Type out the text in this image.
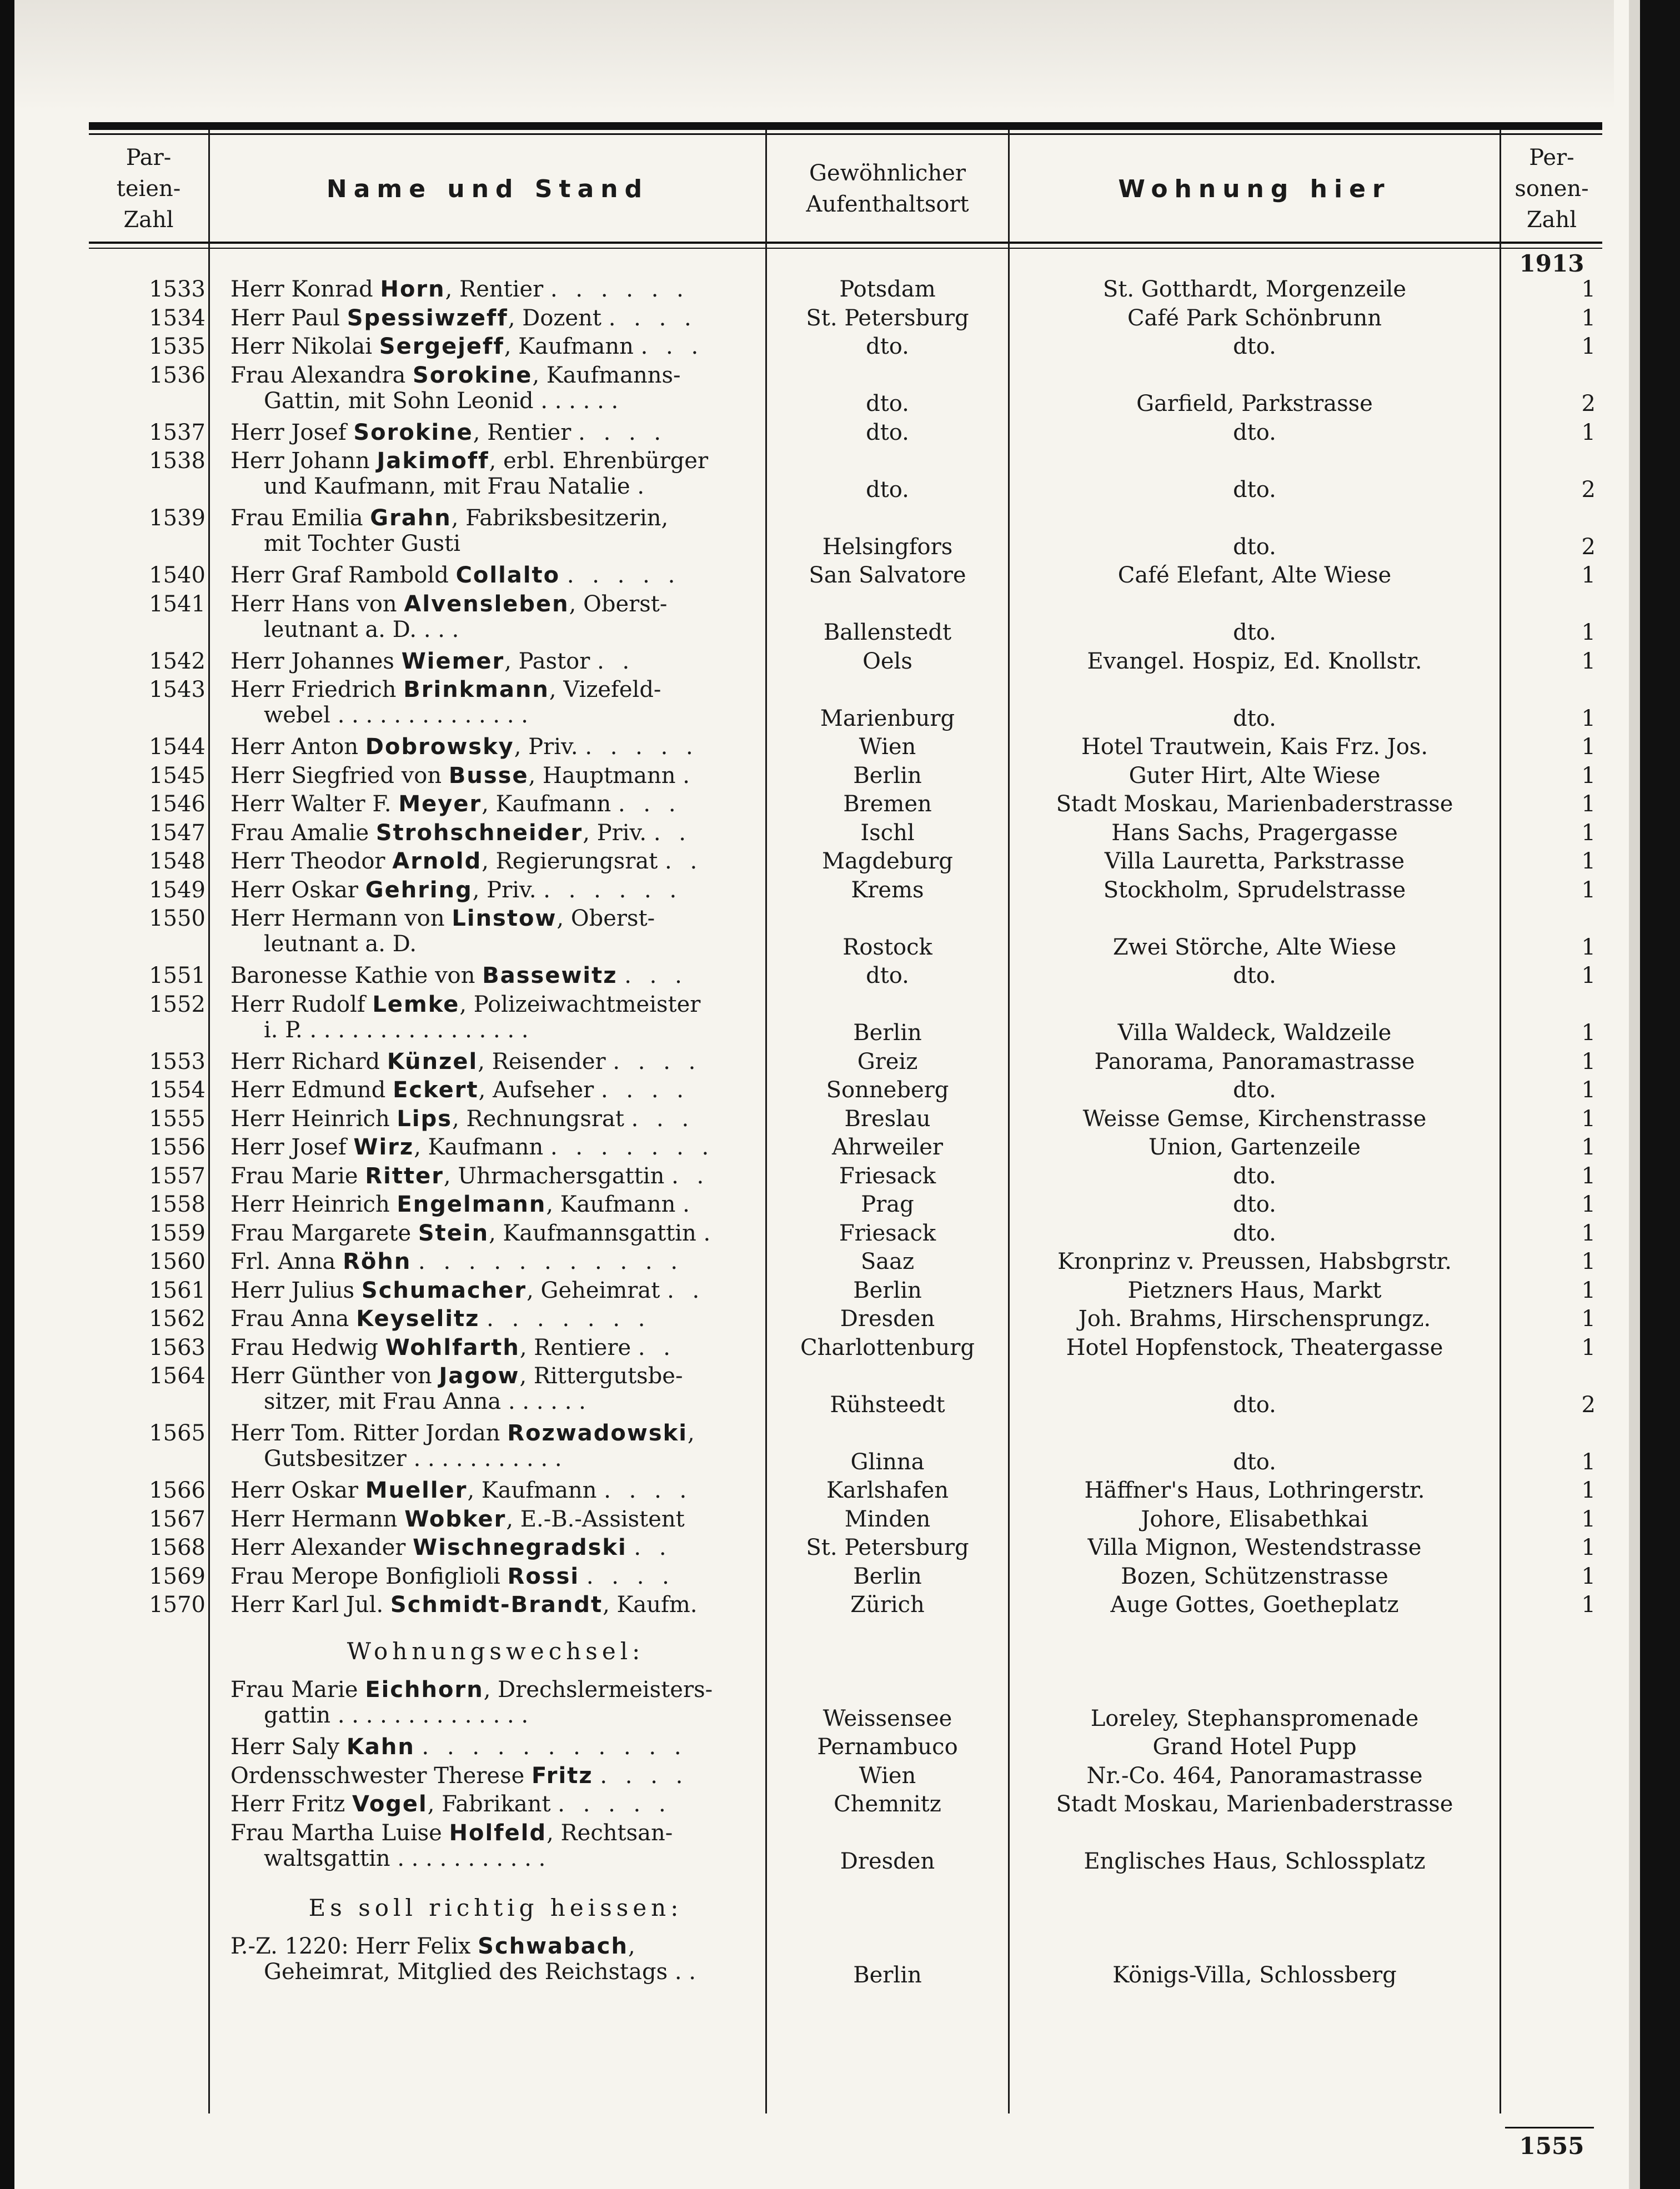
Par-
teien-
Zahl
Name und Stand
Gewöhnlicher
Aufenthaltsort
Wohnung hier
Per-
sonen-
Zahl
1913
1533 Herr Konrad Horn, Rentier . . . . . .	Potsdam	St. Gotthardt, Morgenzeile	1
1534 Herr Paul Spessiwzeff, Dozent . . . .	St. Petersburg	Café Park Schönbrunn	1
1535 Herr Nikolai Sergejeff, Kaufmann . . .	dto.	dto.	1
1536 Frau Alexandra Sorokine, Kaufmanns-
Gattin, mit Sohn Leonid . . . . . .	dto.	Garfield, Parkstrasse	2
1537 Herr Josef Sorokine, Rentier . . . .	dto.	dto.	1
1538 Herr Johann Jakimoff, erbl. Ehrenbürger
und Kaufmann, mit Frau Natalie .	dto.	dto.	2
1539 Frau Emilia Grahn, Fabriksbesitzerin,
mit Tochter Gusti	Helsingfors	dto.	2
1540 Herr Graf Rambold Collalto . . . . .	San Salvatore	Café Elefant, Alte Wiese	1
1541 Herr Hans von Alvensleben, Oberst-
leutnant a. D. . . .	Ballenstedt	dto.	1
1542 Herr Johannes Wiemer, Pastor . .	Oels	Evangel. Hospiz, Ed. Knollstr.	1
1543 Herr Friedrich Brinkmann, Vizefeld-
webel . . . . . . . . . . . . . .	Marienburg	dto.	1
1544 Herr Anton Dobrowsky, Priv. . . . . .	Wien	Hotel Trautwein, Kais Frz. Jos.	1
1545 Herr Siegfried von Busse, Hauptmann .	Berlin	Guter Hirt, Alte Wiese	1
1546 Herr Walter F. Meyer, Kaufmann . . .	Bremen	Stadt Moskau, Marienbaderstrasse	1
1547 Frau Amalie Strohschneider, Priv. . .	Ischl	Hans Sachs, Pragergasse	1
1548 Herr Theodor Arnold, Regierungsrat . .	Magdeburg	Villa Lauretta, Parkstrasse	1
1549 Herr Oskar Gehring, Priv. . . . . . .	Krems	Stockholm, Sprudelstrasse	1
1550 Herr Hermann von Linstow, Oberst-
leutnant a. D.	Rostock	Zwei Störche, Alte Wiese	1
1551 Baronesse Kathie von Bassewitz . . .	dto.	dto.	1
1552 Herr Rudolf Lemke, Polizeiwachtmeister
i. P. . . . . . . . . . . . . . . . .	Berlin	Villa Waldeck, Waldzeile	1
1553 Herr Richard Künzel, Reisender . . . .	Greiz	Panorama, Panoramastrasse	1
1554 Herr Edmund Eckert, Aufseher . . . .	Sonneberg	dto.	1
1555 Herr Heinrich Lips, Rechnungsrat . . .	Breslau	Weisse Gemse, Kirchenstrasse	1
1556 Herr Josef Wirz, Kaufmann . . . . . . .	Ahrweiler	Union, Gartenzeile	1
1557 Frau Marie Ritter, Uhrmachersgattin . .	Friesack	dto.	1
1558 Herr Heinrich Engelmann, Kaufmann .	Prag	dto.	1
1559 Frau Margarete Stein, Kaufmannsgattin .	Friesack	dto.	1
1560 Frl. Anna Röhn . . . . . . . . . . .	Saaz	Kronprinz v. Preussen, Habsbgrstr.	1
1561 Herr Julius Schumacher, Geheimrat . .	Berlin	Pietzners Haus, Markt	1
1562 Frau Anna Keyselitz . . . . . . .	Dresden	Joh. Brahms, Hirschensprungz.	1
1563 Frau Hedwig Wohlfarth, Rentiere . .	Charlottenburg	Hotel Hopfenstock, Theatergasse	1
1564 Herr Günther von Jagow, Rittergutsbe-
sitzer, mit Frau Anna . . . . . .	Rühsteedt	dto.	2
1565 Herr Tom. Ritter Jordan Rozwadowski,
Gutsbesitzer . . . . . . . . . . .	Glinna	dto.	1
1566 Herr Oskar Mueller, Kaufmann . . . .	Karlshafen	Häffner's Haus, Lothringerstr.	1
1567 Herr Hermann Wobker, E.-B.-Assistent	Minden	Johore, Elisabethkai	1
1568 Herr Alexander Wischnegradski . .	St. Petersburg	Villa Mignon, Westendstrasse	1
1569 Frau Merope Bonfiglioli Rossi . . . .	Berlin	Bozen, Schützenstrasse	1
1570 Herr Karl Jul. Schmidt-Brandt, Kaufm.	Zürich	Auge Gottes, Goetheplatz	1
Wohnungswechsel:
Frau Marie Eichhorn, Drechslermeisters-
gattin . . . . . . . . . . . . . .	Weissensee	Loreley, Stephanspromenade
Herr Saly Kahn . . . . . . . . . . .	Pernambuco	Grand Hotel Pupp
Ordensschwester Therese Fritz . . . .	Wien	Nr.-Co. 464, Panoramastrasse
Herr Fritz Vogel, Fabrikant . . . . .	Chemnitz	Stadt Moskau, Marienbaderstrasse
Frau Martha Luise Holfeld, Rechtsan-
waltsgattin . . . . . . . . . . .	Dresden	Englisches Haus, Schlossplatz
Es soll richtig heissen:
P.-Z. 1220: Herr Felix Schwabach,
Geheimrat, Mitglied des Reichstags . .	Berlin	Königs-Villa, Schlossberg
1555
